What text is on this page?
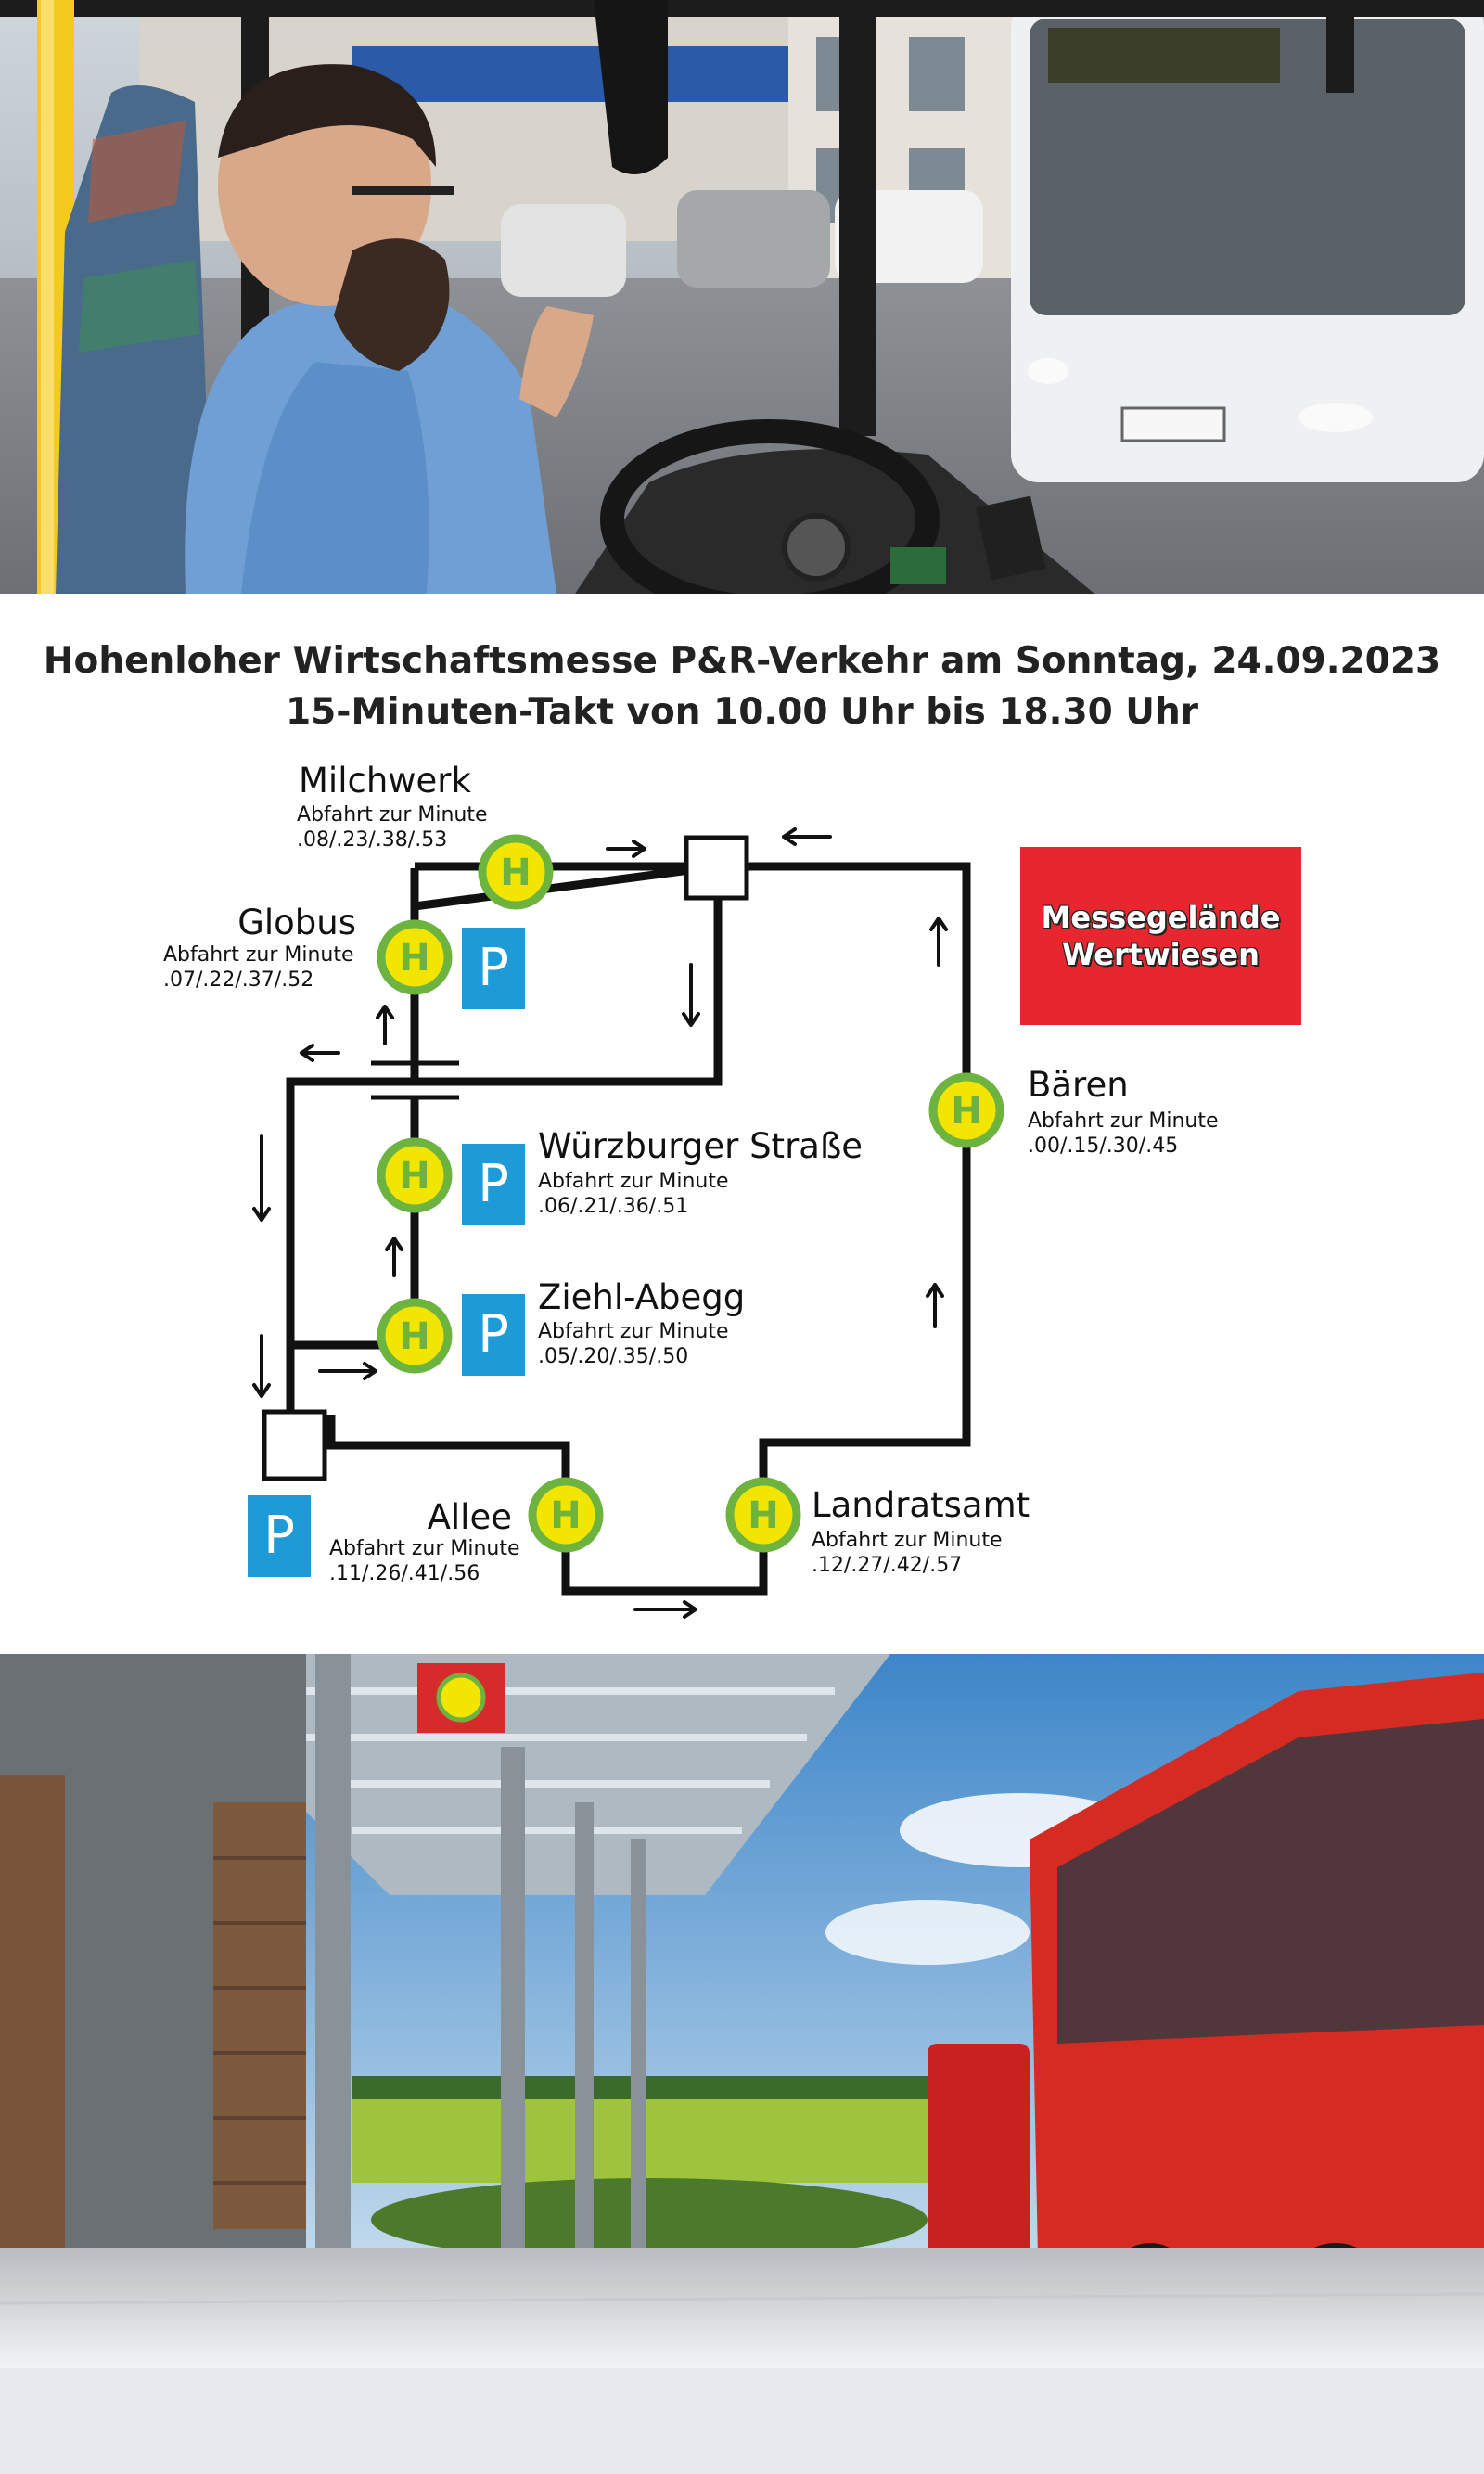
Hohenloher Wirtschaftsmesse P&R-Verkehr am Sonntag, 24.09.2023
15-Minuten-Takt von 10.00 Uhr bis 18.30 Uhr
H
H
H
H
H
H	H
P
P
P
P
Milchwerk
Abfahrt zur Minute
.08/.23/.38/.53
Globus
Abfahrt zur Minute
.07/.22/.37/.52
Würzburger Straße
Abfahrt zur Minute
.06/.21/.36/.51
Ziehl-Abegg
Abfahrt zur Minute
.05/.20/.35/.50
Bären
Abfahrt zur Minute
.00/.15/.30/.45
Allee
Abfahrt zur Minute
.11/.26/.41/.56
Landratsamt
Abfahrt zur Minute
.12/.27/.42/.57
Messegelände
Wertwiesen
